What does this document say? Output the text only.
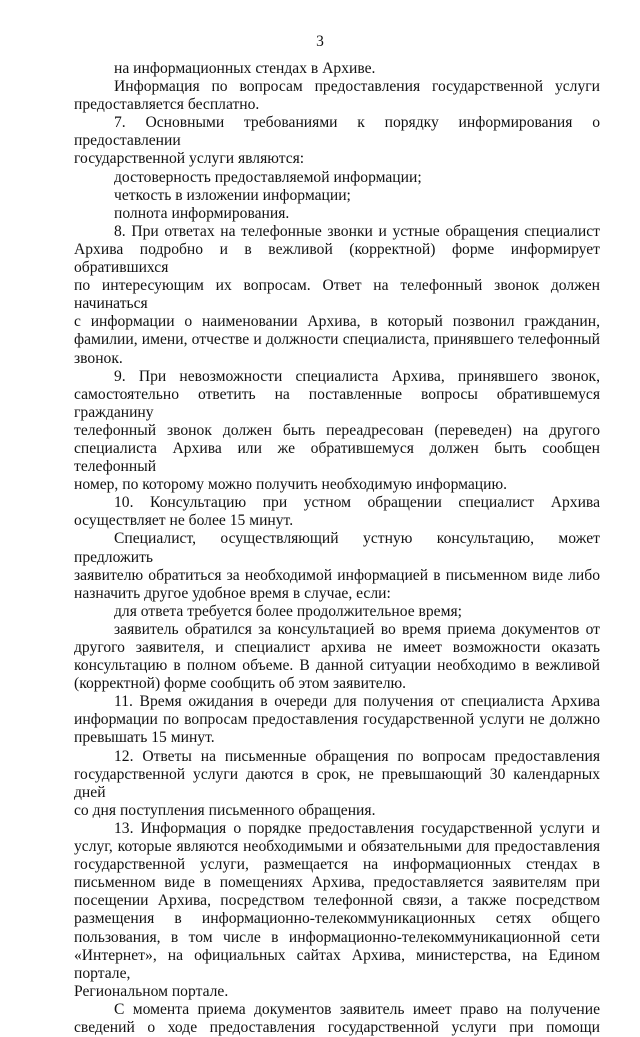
3

на информационных стендах в Архиве.

Информация по вопросам предоставления государственной услуги

предоставляется бесплатно.

7. Основными требованиями к порядку информирования о предоставлении

государственной услуги являются:

достоверность предоставляемой информации;

четкость в изложении информации;

полнота информирования.

8. При ответах на телефонные звонки и устные обращения специалист

Архива подробно и в вежливой (корректной) форме информирует обратившихся

по интересующим их вопросам. Ответ на телефонный звонок должен начинаться

с информации о наименовании Архива, в который позвонил гражданин,

фамилии, имени, отчестве и должности специалиста, принявшего телефонный

звонок.

9. При невозможности специалиста Архива, принявшего звонок,

самостоятельно ответить на поставленные вопросы обратившемуся гражданину

телефонный звонок должен быть переадресован (переведен) на другого

специалиста Архива или же обратившемуся должен быть сообщен телефонный

номер, по которому можно получить необходимую информацию.

10. Консультацию при устном обращении специалист Архива

осуществляет не более 15 минут.

Специалист, осуществляющий устную консультацию, может предложить

заявителю обратиться за необходимой информацией в письменном виде либо

назначить другое удобное время в случае, если:

для ответа требуется более продолжительное время;

заявитель обратился за консультацией во время приема документов от

другого заявителя, и специалист архива не имеет возможности оказать

консультацию в полном объеме. В данной ситуации необходимо в вежливой

(корректной) форме сообщить об этом заявителю.

11. Время ожидания в очереди для получения от специалиста Архива

информации по вопросам предоставления государственной услуги не должно

превышать 15 минут.

12. Ответы на письменные обращения по вопросам предоставления

государственной услуги даются в срок, не превышающий 30 календарных дней

со дня поступления письменного обращения.

13. Информация о порядке предоставления государственной услуги и

услуг, которые являются необходимыми и обязательными для предоставления

государственной услуги, размещается на информационных стендах в

письменном виде в помещениях Архива, предоставляется заявителям при

посещении Архива, посредством телефонной связи, а также посредством

размещения в информационно-телекоммуникационных сетях общего

пользования, в том числе в информационно-телекоммуникационной сети

«Интернет», на официальных сайтах Архива, министерства, на Едином портале,

Региональном портале.

С момента приема документов заявитель имеет право на получение

сведений о ходе предоставления государственной услуги при помощи
